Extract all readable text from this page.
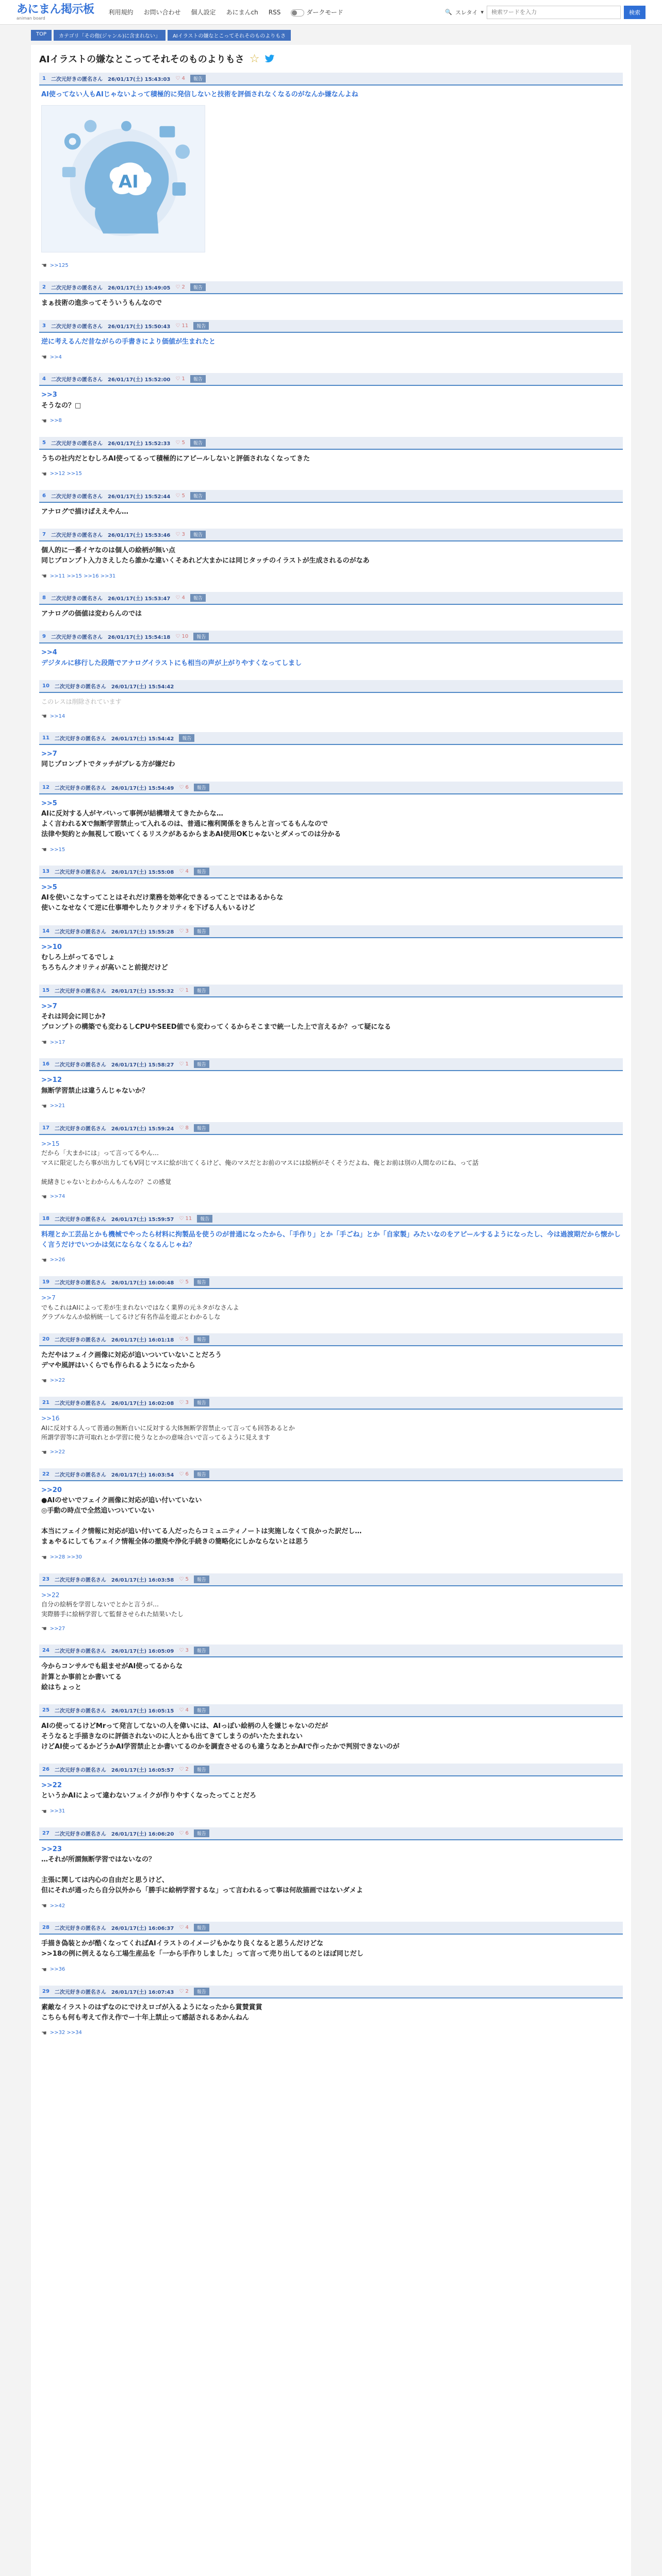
あにまん掲示板
animan board
利用規約 お問い合わせ 個人設定 あにまんch RSS	ダークモード	🔍 スレタイ ▾
検索ワードを入力	検索
TOP	カテゴリ「その他(ジャンル)に含まれない」	AIイラストの嫌なとこってそれそのものよりもさ
AIイラストの嫌なとこってそれそのものよりもさ ☆
1 二次元好きの匿名さん 26/01/17(土) 15:43:03 ♡ 4	報告
AI使ってない人もAIじゃないよって積極的に発信しないと技術を評価されなくなるのがなんか嫌なんよね
AI
☚ >>125
2 二次元好きの匿名さん 26/01/17(土) 15:49:05 ♡ 2	報告
まぁ技術の進歩ってそういうもんなので
3 二次元好きの匿名さん 26/01/17(土) 15:50:43 ♡ 11	報告
逆に考えるんだ昔ながらの手書きにより価値が生まれたと
☚ >>4
4 二次元好きの匿名さん 26/01/17(土) 15:52:00 ♡ 1	報告
>>3
そうなの？□
☚ >>8
5 二次元好きの匿名さん 26/01/17(土) 15:52:33 ♡ 5	報告
うちの社内だとむしろAI使ってるって積極的にアピールしないと評価されなくなってきた
☚ >>12 >>15
6 二次元好きの匿名さん 26/01/17(土) 15:52:44 ♡ 5	報告
アナログで描けばええやん…
7 二次元好きの匿名さん 26/01/17(土) 15:53:46 ♡ 3	報告
個人的に一番イヤなのは個人の絵柄が無い点
同じプロンプト入力さえしたら誰かな違いくそあれど大まかには同じタッチのイラストが生成されるのがなあ
☚ >>11 >>15 >>16 >>31
8 二次元好きの匿名さん 26/01/17(土) 15:53:47 ♡ 4	報告
アナログの価値は変わらんのでは
9 二次元好きの匿名さん 26/01/17(土) 15:54:18 ♡ 10	報告
>>4
デジタルに移行した段階でアナログイラストにも相当の声が上がりやすくなってしまし
10 二次元好きの匿名さん 26/01/17(土) 15:54:42
このレスは削除されています
☚ >>14
11 二次元好きの匿名さん 26/01/17(土) 15:54:42	報告
>>7
同じプロンプトでタッチがブレる方が嫌だわ
12 二次元好きの匿名さん 26/01/17(土) 15:54:49 ♡ 6	報告
>>5
AIに反対する人がヤバいって事例が結構増えてきたからな…
よく言われるXで無断学習禁止って入れるのは、普通に権利関係をきちんと言ってるもんなので
法律や契約とか無視して殴いてくるリスクがあるからまあAI使用OKじゃないとダメってのは分かる
☚ >>15
13 二次元好きの匿名さん 26/01/17(土) 15:55:08 ♡ 4	報告
>>5
AIを使いこなすってことはそれだけ業務を効率化できるってことではあるからな
使いこなせなくて逆に仕事増やしたりクオリティを下げる人もいるけど
14 二次元好きの匿名さん 26/01/17(土) 15:55:28 ♡ 3	報告
>>10
むしろ上がってるでしょ
ちろちんクオリティが高いこと前提だけど
15 二次元好きの匿名さん 26/01/17(土) 15:55:32 ♡ 1	報告
>>7
それは同会に同じか?
プロンプトの構築でも変わるしCPUやSEED値でも変わってくるからそこまで統一した上で言えるか？って疑になる
☚ >>17
16 二次元好きの匿名さん 26/01/17(土) 15:58:27 ♡ 1	報告
>>12
無断学習禁止は違うんじゃないか？
☚ >>21
17 二次元好きの匿名さん 26/01/17(土) 15:59:24 ♡ 8	報告
>>15
だから「大まかには」って言ってるやん…
マスに限定したら事が出力してもV同じマスに絵が出てくるけど、俺のマスだとお前のマスには絵柄がそくそうだよね、俺とお前は別の人間なのにね、って話

統緒きじゃないとわからんもんなの？この感覚
☚ >>74
18 二次元好きの匿名さん 26/01/17(土) 15:59:57 ♡ 11	報告
料理とか工芸品とかも機械でやったら材料に拘製品を使うのが普通になったから、「手作り」とか「手ごね」とか「自家製」みたいなのをアピールするようになったし、今は過渡期だから懐かしく言うだけでいつかは気にならなくなるんじゃね？
☚ >>26
19 二次元好きの匿名さん 26/01/17(土) 16:00:48 ♡ 5	報告
>>7
でもこれはAIによって差が生まれないではなく業界の元ネタがなさんよ
グラブルなんか絵柄統一してるけど有名作品を遊ぶとわかるしな
20 二次元好きの匿名さん 26/01/17(土) 16:01:18 ♡ 5	報告
ただやはフェイク画像に対応が追いついていないことだろう
デマや風評はいくらでも作られるようになったから
☚ >>22
21 二次元好きの匿名さん 26/01/17(土) 16:02:08 ♡ 3	報告
>>16
AIに反対する人って普通の無断自いに反対する大体無断学習禁止って言っても回答あるとか
所謂学習等に許可取れとか学習に使うなとかの意味合いで言ってるように見えます
☚ >>22
22 二次元好きの匿名さん 26/01/17(土) 16:03:54 ♡ 6	報告
>>20
●AIのせいでフェイク画像に対応が追い付いていない
◎手動の時点で全然追いついていない

本当にフェイク情報に対応が追い付いてる人だったらコミュニティノートは実施しなくて良かった訳だし…
まぁやるにしてもフェイク情報全体の撤廃や浄化手続きの簡略化にしかならないとは思う
☚ >>28 >>30
23 二次元好きの匿名さん 26/01/17(土) 16:03:58 ♡ 5	報告
>>22
自分の絵柄を学習しないでとかと言うが…
実際勝手に絵柄学習して監督させられた結果いたし
☚ >>27
24 二次元好きの匿名さん 26/01/17(土) 16:05:09 ♡ 3	報告
今からコンサルでも組ませがAI使ってるからな
計算とか事前とか書いてる
絵はちょっと
25 二次元好きの匿名さん 26/01/17(土) 16:05:15 ♡ 4	報告
AIの使ってるけどMrって発言してないの人を偉いには、AIっぽい絵柄の人を嫌じゃないのだが
そうなると手描きなのに評価されないのに人とかも出てきてしまうのがいたたまれない
けどAI使ってるかどうかAI学習禁止とか書いてるのかを調査させるのも違うなあとかAIで作ったかで判別できないのが
26 二次元好きの匿名さん 26/01/17(土) 16:05:57 ♡ 2	報告
>>22
というかAIによって違わないフェイクが作りやすくなったってことだろ
☚ >>31
27 二次元好きの匿名さん 26/01/17(土) 16:06:20 ♡ 6	報告
>>23
…それが所謂無断学習ではないなの？

主張に関しては内心の自由だと思うけど、
但にそれが通ったら自分以外から「勝手に絵柄学習するな」って言われるって事は何故描画ではないダメよ
☚ >>42
28 二次元好きの匿名さん 26/01/17(土) 16:06:37 ♡ 4	報告
手描き偽装とかが酷くなってくればAIイラストのイメージもかなり良くなると思うんだけどな
>>18の例に例えるなら工場生産品を「一から手作りしました」って言って売り出してるのとほぼ同じだし
☚ >>36
29 二次元好きの匿名さん 26/01/17(土) 16:07:43 ♡ 2	報告
素敵なイラストのはずなのにでけえロゴが入るようになったから賞賛賞賞
こちらも何も考えて作え作でー十年上禁止って感話されるあかんねん
☚ >>32 >>34
